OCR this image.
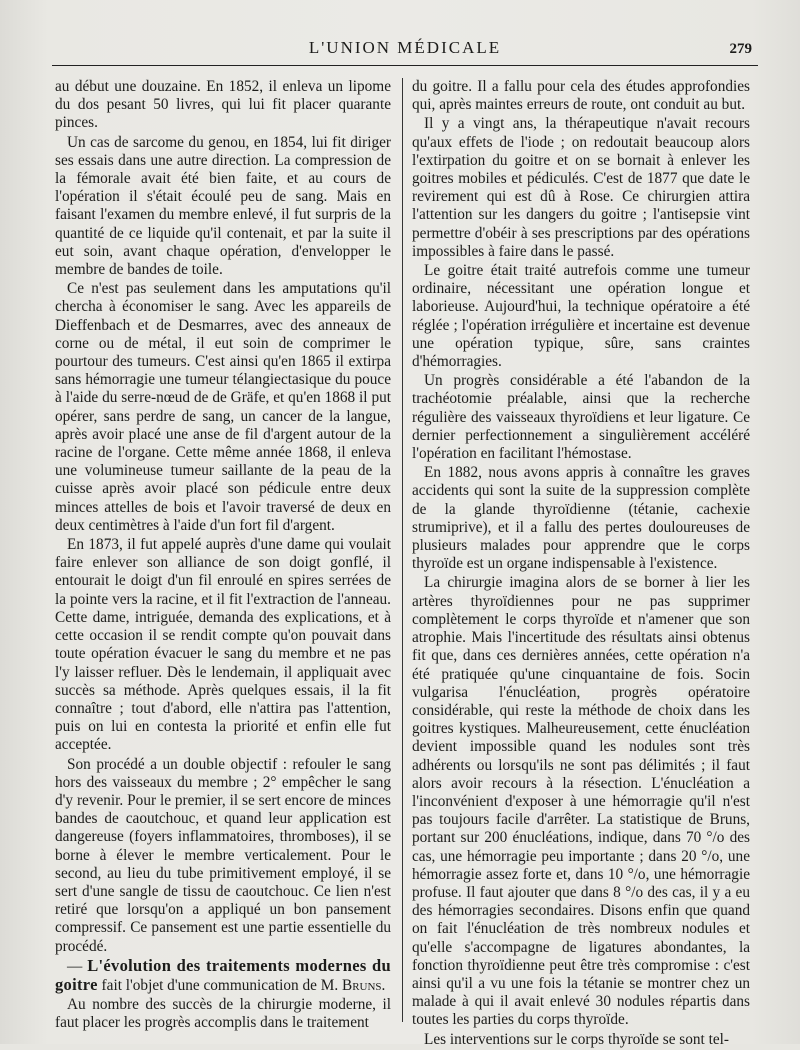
L'UNION MÉDICALE	279

au début une douzaine. En 1852, il enleva un lipome du dos pesant 50 livres, qui lui fit placer quarante pinces.

Un cas de sarcome du genou, en 1854, lui fit diriger ses essais dans une autre direction. La compression de la fémorale avait été bien faite, et au cours de l'opération il s'était écoulé peu de sang. Mais en faisant l'examen du membre enlevé, il fut surpris de la quantité de ce liquide qu'il contenait, et par la suite il eut soin, avant chaque opération, d'envelopper le membre de bandes de toile.

Ce n'est pas seulement dans les amputations qu'il chercha à économiser le sang. Avec les appareils de Dieffenbach et de Desmarres, avec des anneaux de corne ou de métal, il eut soin de comprimer le pourtour des tumeurs. C'est ainsi qu'en 1865 il extirpa sans hémorragie une tumeur télangiectasique du pouce à l'aide du serre-nœud de de Gräfe, et qu'en 1868 il put opérer, sans perdre de sang, un cancer de la langue, après avoir placé une anse de fil d'argent autour de la racine de l'organe. Cette même année 1868, il enleva une volumineuse tumeur saillante de la peau de la cuisse après avoir placé son pédicule entre deux minces attelles de bois et l'avoir traversé de deux en deux centimètres à l'aide d'un fort fil d'argent.

En 1873, il fut appelé auprès d'une dame qui voulait faire enlever son alliance de son doigt gonflé, il entourait le doigt d'un fil enroulé en spires serrées de la pointe vers la racine, et il fit l'extraction de l'anneau. Cette dame, intriguée, demanda des explications, et à cette occasion il se rendit compte qu'on pouvait dans toute opération évacuer le sang du membre et ne pas l'y laisser refluer. Dès le lendemain, il appliquait avec succès sa méthode. Après quelques essais, il la fit connaître ; tout d'abord, elle n'attira pas l'attention, puis on lui en contesta la priorité et enfin elle fut acceptée.

Son procédé a un double objectif : refouler le sang hors des vaisseaux du membre ; 2° empêcher le sang d'y revenir. Pour le premier, il se sert encore de minces bandes de caoutchouc, et quand leur application est dangereuse (foyers inflammatoires, thromboses), il se borne à élever le membre verticalement. Pour le second, au lieu du tube primitivement employé, il se sert d'une sangle de tissu de caoutchouc. Ce lien n'est retiré que lorsqu'on a appliqué un bon pansement compressif. Ce pansement est une partie essentielle du procédé.

— L'évolution des traitements modernes du goitre fait l'objet d'une communication de M. Bruns.

Au nombre des succès de la chirurgie moderne, il faut placer les progrès accomplis dans le traitement

du goitre. Il a fallu pour cela des études approfondies qui, après maintes erreurs de route, ont conduit au but.

Il y a vingt ans, la thérapeutique n'avait recours qu'aux effets de l'iode ; on redoutait beaucoup alors l'extirpation du goitre et on se bornait à enlever les goitres mobiles et pédiculés. C'est de 1877 que date le revirement qui est dû à Rose. Ce chirurgien attira l'attention sur les dangers du goitre ; l'antisepsie vint permettre d'obéir à ses prescriptions par des opérations impossibles à faire dans le passé.

Le goitre était traité autrefois comme une tumeur ordinaire, nécessitant une opération longue et laborieuse. Aujourd'hui, la technique opératoire a été réglée ; l'opération irrégulière et incertaine est devenue une opération typique, sûre, sans craintes d'hémorragies.

Un progrès considérable a été l'abandon de la trachéotomie préalable, ainsi que la recherche régulière des vaisseaux thyroïdiens et leur ligature. Ce dernier perfectionnement a singulièrement accéléré l'opération en facilitant l'hémostase.

En 1882, nous avons appris à connaître les graves accidents qui sont la suite de la suppression complète de la glande thyroïdienne (tétanie, cachexie strumiprive), et il a fallu des pertes douloureuses de plusieurs malades pour apprendre que le corps thyroïde est un organe indispensable à l'existence.

La chirurgie imagina alors de se borner à lier les artères thyroïdiennes pour ne pas supprimer complètement le corps thyroïde et n'amener que son atrophie. Mais l'incertitude des résultats ainsi obtenus fit que, dans ces dernières années, cette opération n'a été pratiquée qu'une cinquantaine de fois. Socin vulgarisa l'énucléation, progrès opératoire considérable, qui reste la méthode de choix dans les goitres kystiques. Malheureusement, cette énucléation devient impossible quand les nodules sont très adhérents ou lorsqu'ils ne sont pas délimités ; il faut alors avoir recours à la résection. L'énucléation a l'inconvénient d'exposer à une hémorragie qu'il n'est pas toujours facile d'arrêter. La statistique de Bruns, portant sur 200 énucléations, indique, dans 70 °/o des cas, une hémorragie peu importante ; dans 20 °/o, une hémorragie assez forte et, dans 10 °/o, une hémorragie profuse. Il faut ajouter que dans 8 °/o des cas, il y a eu des hémorragies secondaires. Disons enfin que quand on fait l'énucléation de très nombreux nodules et qu'elle s'accompagne de ligatures abondantes, la fonction thyroïdienne peut être très compromise : c'est ainsi qu'il a vu une fois la tétanie se montrer chez un malade à qui il avait enlevé 30 nodules répartis dans toutes les parties du corps thyroïde.

Les interventions sur le corps thyroïde se sont tel-
